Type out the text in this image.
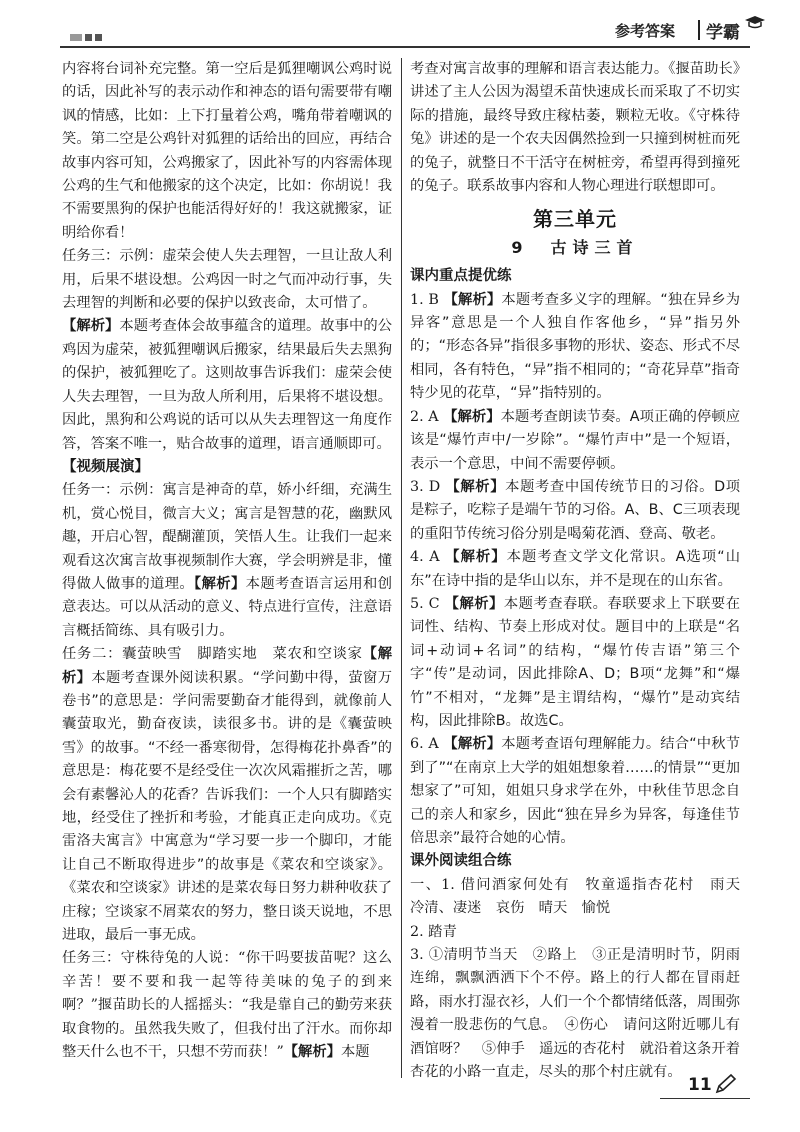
参考答案 学霸

内容将台词补充完整。第一空后是狐狸嘲讽公鸡时说的话，因此补写的表示动作和神态的语句需要带有嘲讽的情感，比如：上下打量着公鸡，嘴角带着嘲讽的笑。第二空是公鸡针对狐狸的话给出的回应，再结合故事内容可知，公鸡搬家了，因此补写的内容需体现公鸡的生气和他搬家的这个决定，比如：你胡说！我不需要黑狗的保护也能活得好好的！我这就搬家，证明给你看！

任务三：示例：虚荣会使人失去理智，一旦让敌人利用，后果不堪设想。公鸡因一时之气而冲动行事，失去理智的判断和必要的保护以致丧命，太可惜了。

【解析】本题考查体会故事蕴含的道理。故事中的公鸡因为虚荣，被狐狸嘲讽后搬家，结果最后失去黑狗的保护，被狐狸吃了。这则故事告诉我们：虚荣会使人失去理智，一旦为敌人所利用，后果将不堪设想。因此，黑狗和公鸡说的话可以从失去理智这一角度作答，答案不唯一，贴合故事的道理，语言通顺即可。

【视频展演】

任务一：示例：寓言是神奇的草，娇小纤细，充满生机，赏心悦目，微言大义；寓言是智慧的花，幽默风趣，开启心智，醍醐灌顶，笑悟人生。让我们一起来观看这次寓言故事视频制作大赛，学会明辨是非，懂得做人做事的道理。【解析】本题考查语言运用和创意表达。可以从活动的意义、特点进行宣传，注意语言概括简练、具有吸引力。

任务二：囊萤映雪　脚踏实地　菜农和空谈家【解析】本题考查课外阅读积累。“学问勤中得，萤窗万卷书”的意思是：学问需要勤奋才能得到，就像前人囊萤取光，勤奋夜读，读很多书。讲的是《囊萤映雪》的故事。“不经一番寒彻骨，怎得梅花扑鼻香”的意思是：梅花要不是经受住一次次风霜摧折之苦，哪会有素馨沁人的花香？告诉我们：一个人只有脚踏实地，经受住了挫折和考验，才能真正走向成功。《克雷洛夫寓言》中寓意为“学习要一步一个脚印，才能让自己不断取得进步”的故事是《菜农和空谈家》。《菜农和空谈家》讲述的是菜农每日努力耕种收获了庄稼；空谈家不屑菜农的努力，整日谈天说地，不思进取，最后一事无成。

任务三：守株待兔的人说：“你干吗要拔苗呢？这么辛苦！要不要和我一起等待美味的兔子的到来啊？”揠苗助长的人摇摇头：“我是靠自己的勤劳来获取食物的。虽然我失败了，但我付出了汗水。而你却整天什么也不干，只想不劳而获！”【解析】本题

考查对寓言故事的理解和语言表达能力。《揠苗助长》讲述了主人公因为渴望禾苗快速成长而采取了不切实际的措施，最终导致庄稼枯萎，颗粒无收。《守株待兔》讲述的是一个农夫因偶然捡到一只撞到树桩而死的兔子，就整日不干活守在树桩旁，希望再得到撞死的兔子。联系故事内容和人物心理进行联想即可。

第三单元
9　古诗三首

课内重点提优练

1. B 【解析】本题考查多义字的理解。“独在异乡为异客”意思是一个人独自作客他乡，“异”指另外的；“形态各异”指很多事物的形状、姿态、形式不尽相同，各有特色，“异”指不相同的；“奇花异草”指奇特少见的花草，“异”指特别的。

2. A 【解析】本题考查朗读节奏。A项正确的停顿应该是“爆竹声中/一岁除”。“爆竹声中”是一个短语，表示一个意思，中间不需要停顿。

3. D 【解析】本题考查中国传统节日的习俗。D项是粽子，吃粽子是端午节的习俗。A、B、C三项表现的重阳节传统习俗分别是喝菊花酒、登高、敬老。

4. A 【解析】本题考查文学文化常识。A选项“山东”在诗中指的是华山以东，并不是现在的山东省。

5. C 【解析】本题考查春联。春联要求上下联要在词性、结构、节奏上形成对仗。题目中的上联是“名词+动词+名词”的结构，“爆竹传吉语”第三个字“传”是动词，因此排除A、D；B项“龙舞”和“爆竹”不相对，“龙舞”是主谓结构，“爆竹”是动宾结构，因此排除B。故选C。

6. A 【解析】本题考查语句理解能力。结合“中秋节到了”“在南京上大学的姐姐想象着……的情景”“更加想家了”可知，姐姐只身求学在外，中秋佳节思念自己的亲人和家乡，因此“独在异乡为异客，每逢佳节倍思亲”最符合她的心情。

课外阅读组合练

一、1. 借问酒家何处有　牧童遥指杏花村　雨天　冷清、凄迷　哀伤　晴天　愉悦

2. 踏青

3. ①清明节当天　②路上　③正是清明时节，阴雨连绵，飘飘洒洒下个不停。路上的行人都在冒雨赶路，雨水打湿衣衫，人们一个个都情绪低落，周围弥漫着一股悲伤的气息。　④伤心　请问这附近哪儿有酒馆呀？　⑤伸手　遥远的杏花村　就沿着这条开着杏花的小路一直走，尽头的那个村庄就有。

11
